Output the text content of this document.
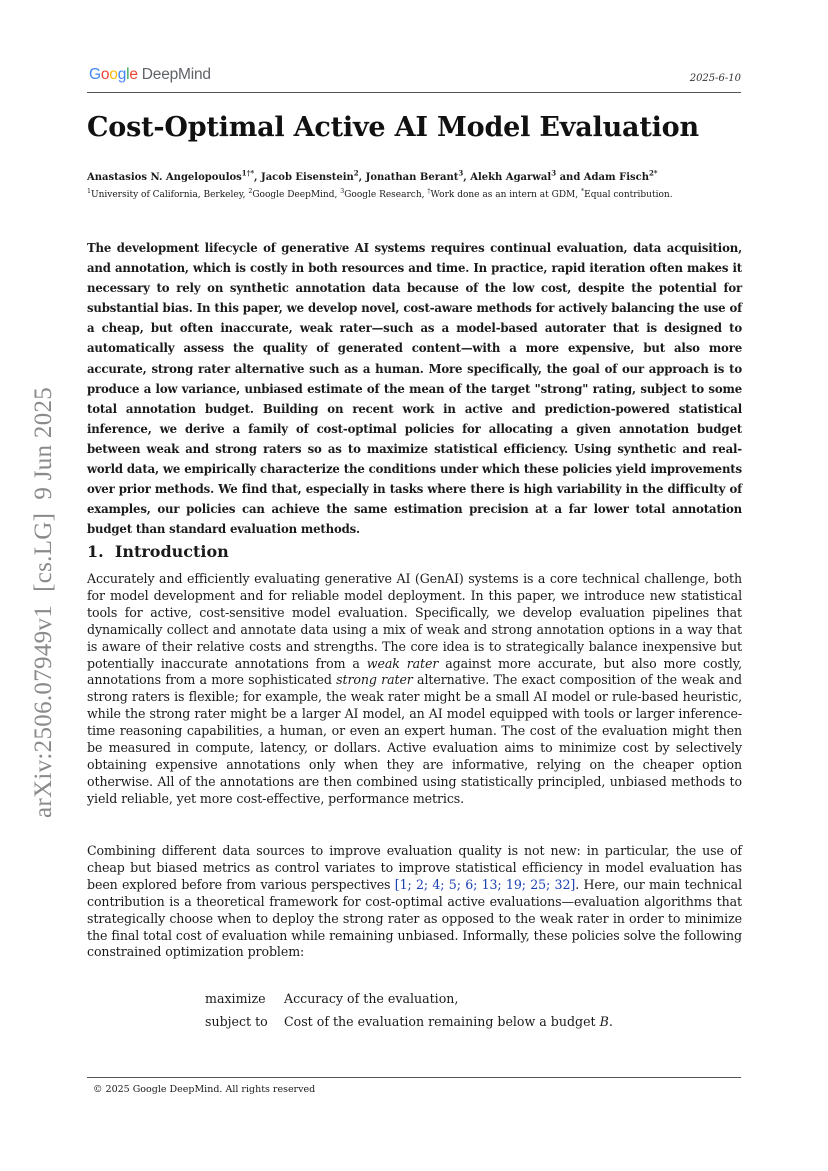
Google DeepMind	2025-6-10
Cost-Optimal Active AI Model Evaluation
Anastasios N. Angelopoulos$^{1\dagger*}$, Jacob Eisenstein$^2$, Jonathan Berant$^3$, Alekh Agarwal$^3$ and Adam Fisch$^{2*}$
$^1$University of California, Berkeley, $^2$Google DeepMind, $^3$Google Research, †Work done as an intern at GDM, *Equal contribution.

The development lifecycle of generative AI systems requires continual evaluation, data acquisition, and annotation, which is costly in both resources and time. In practice, rapid iteration often makes it necessary to rely on synthetic annotation data because of the low cost, despite the potential for substantial bias. In this paper, we develop novel, cost-aware methods for actively balancing the use of a cheap, but often inaccurate, weak rater—such as a model-based autorater that is designed to automatically assess the quality of generated content—with a more expensive, but also more accurate, strong rater alternative such as a human. More specifically, the goal of our approach is to produce a low variance, unbiased estimate of the mean of the target "strong" rating, subject to some total annotation budget. Building on recent work in active and prediction-powered statistical inference, we derive a family of cost-optimal policies for allocating a given annotation budget between weak and strong raters so as to maximize statistical efficiency. Using synthetic and real-world data, we empirically characterize the conditions under which these policies yield improvements over prior methods. We find that, especially in tasks where there is high variability in the difficulty of examples, our policies can achieve the same estimation precision at a far lower total annotation budget than standard evaluation methods.

1. Introduction

Accurately and efficiently evaluating generative AI (GenAI) systems is a core technical challenge, both for model development and for reliable model deployment. In this paper, we introduce new statistical tools for active, cost-sensitive model evaluation. Specifically, we develop evaluation pipelines that dynamically collect and annotate data using a mix of weak and strong annotation options in a way that is aware of their relative costs and strengths. The core idea is to strategically balance inexpensive but potentially inaccurate annotations from a weak rater against more accurate, but also more costly, annotations from a more sophisticated strong rater alternative. The exact composition of the weak and strong raters is flexible; for example, the weak rater might be a small AI model or rule-based heuristic, while the strong rater might be a larger AI model, an AI model equipped with tools or larger inference-time reasoning capabilities, a human, or even an expert human. The cost of the evaluation might then be measured in compute, latency, or dollars. Active evaluation aims to minimize cost by selectively obtaining expensive annotations only when they are informative, relying on the cheaper option otherwise. All of the annotations are then combined using statistically principled, unbiased methods to yield reliable, yet more cost-effective, performance metrics.

Combining different data sources to improve evaluation quality is not new: in particular, the use of cheap but biased metrics as control variates to improve statistical efficiency in model evaluation has been explored before from various perspectives [1; 2; 4; 5; 6; 13; 19; 25; 32]. Here, our main technical contribution is a theoretical framework for cost-optimal active evaluations—evaluation algorithms that strategically choose when to deploy the strong rater as opposed to the weak rater in order to minimize the final total cost of evaluation while remaining unbiased. Informally, these policies solve the following constrained optimization problem:

maximize Accuracy of the evaluation,
subject to Cost of the evaluation remaining below a budget B.
© 2025 Google DeepMind. All rights reserved
arXiv:2506.07949v1  [cs.LG]  9 Jun 2025
